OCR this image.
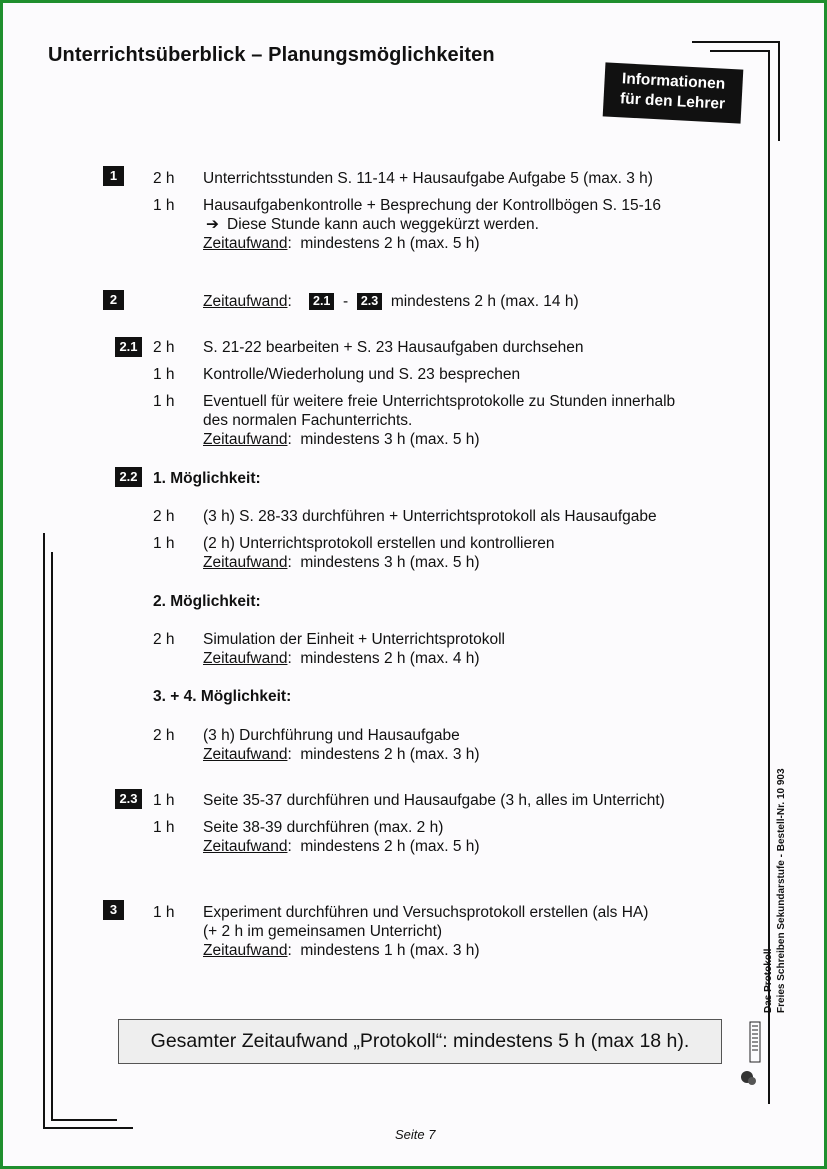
Unterrichtsüberblick – Planungsmöglichkeiten
Informationen
für den Lehrer
1	2 h Unterrichtsstunden S. 11-14 + Hausaufgabe Aufgabe 5 (max. 3 h)
1 h Hausaufgabenkontrolle + Besprechung der Kontrollbögen S. 15-16
➔ Diese Stunde kann auch weggekürzt werden.
Zeitaufwand:  mindestens 2 h (max. 5 h)
2	Zeitaufwand:    2.1 - 2.3 mindestens 2 h (max. 14 h)
2.1 2 h S. 21-22 bearbeiten + S. 23 Hausaufgaben durchsehen
1 h Kontrolle/Wiederholung und S. 23 besprechen
1 h Eventuell für weitere freie Unterrichtsprotokolle zu Stunden innerhalb
des normalen Fachunterrichts.
Zeitaufwand:  mindestens 3 h (max. 5 h)
2.2 1. Möglichkeit:
2 h (3 h) S. 28-33 durchführen + Unterrichtsprotokoll als Hausaufgabe
1 h (2 h) Unterrichtsprotokoll erstellen und kontrollieren
Zeitaufwand:  mindestens 3 h (max. 5 h)
2. Möglichkeit:
2 h Simulation der Einheit + Unterrichtsprotokoll
Zeitaufwand:  mindestens 2 h (max. 4 h)
3. + 4. Möglichkeit:
2 h (3 h) Durchführung und Hausaufgabe
Zeitaufwand:  mindestens 2 h (max. 3 h)
2.3 1 h Seite 35-37 durchführen und Hausaufgabe (3 h, alles im Unterricht)
1 h Seite 38-39 durchführen (max. 2 h)
Zeitaufwand:  mindestens 2 h (max. 5 h)
3	1 h Experiment durchführen und Versuchsprotokoll erstellen (als HA)
(+ 2 h im gemeinsamen Unterricht)
Zeitaufwand:  mindestens 1 h (max. 3 h)
Gesamter Zeitaufwand „Protokoll“: mindestens 5 h (max 18 h).
Das Protokoll Freies Schreiben Sekundarstufe - Bestell-Nr. 10 903
Seite 7
